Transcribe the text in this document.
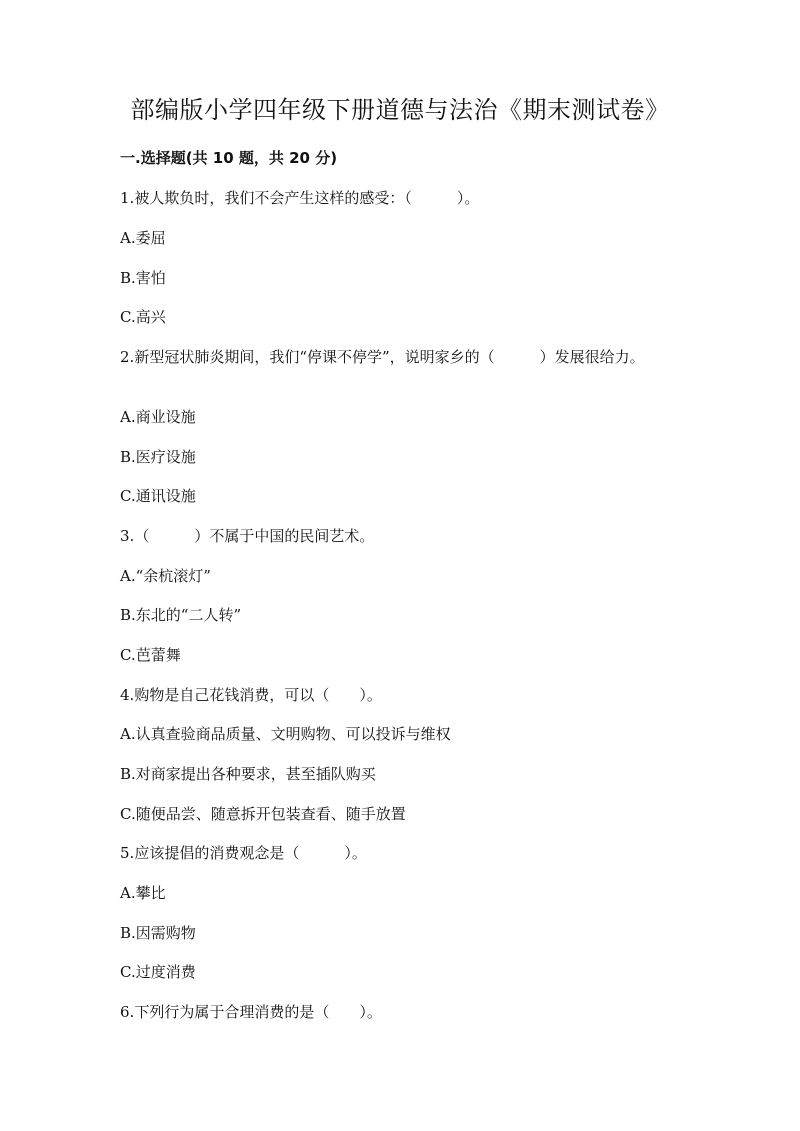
部编版小学四年级下册道德与法治《期末测试卷》
一.选择题(共 10 题，共 20 分)
1. 被人欺负时，我们不会产生这样的感受：（　　　）。
A.委屈
B.害怕
C.高兴
2. 新型冠状肺炎期间，我们“停课不停学”，说明家乡的（　　　）发展很给力。
A.商业设施
B.医疗设施
C.通讯设施
3. （　　　）不属于中国的民间艺术。
A.“余杭滚灯”
B.东北的“二人转”
C.芭蕾舞
4. 购物是自己花钱消费，可以（　　）。
A.认真查验商品质量、文明购物、可以投诉与维权
B.对商家提出各种要求，甚至插队购买
C.随便品尝、随意拆开包装查看、随手放置
5. 应该提倡的消费观念是（　　　）。
A.攀比
B.因需购物
C.过度消费
6. 下列行为属于合理消费的是（　　）。
